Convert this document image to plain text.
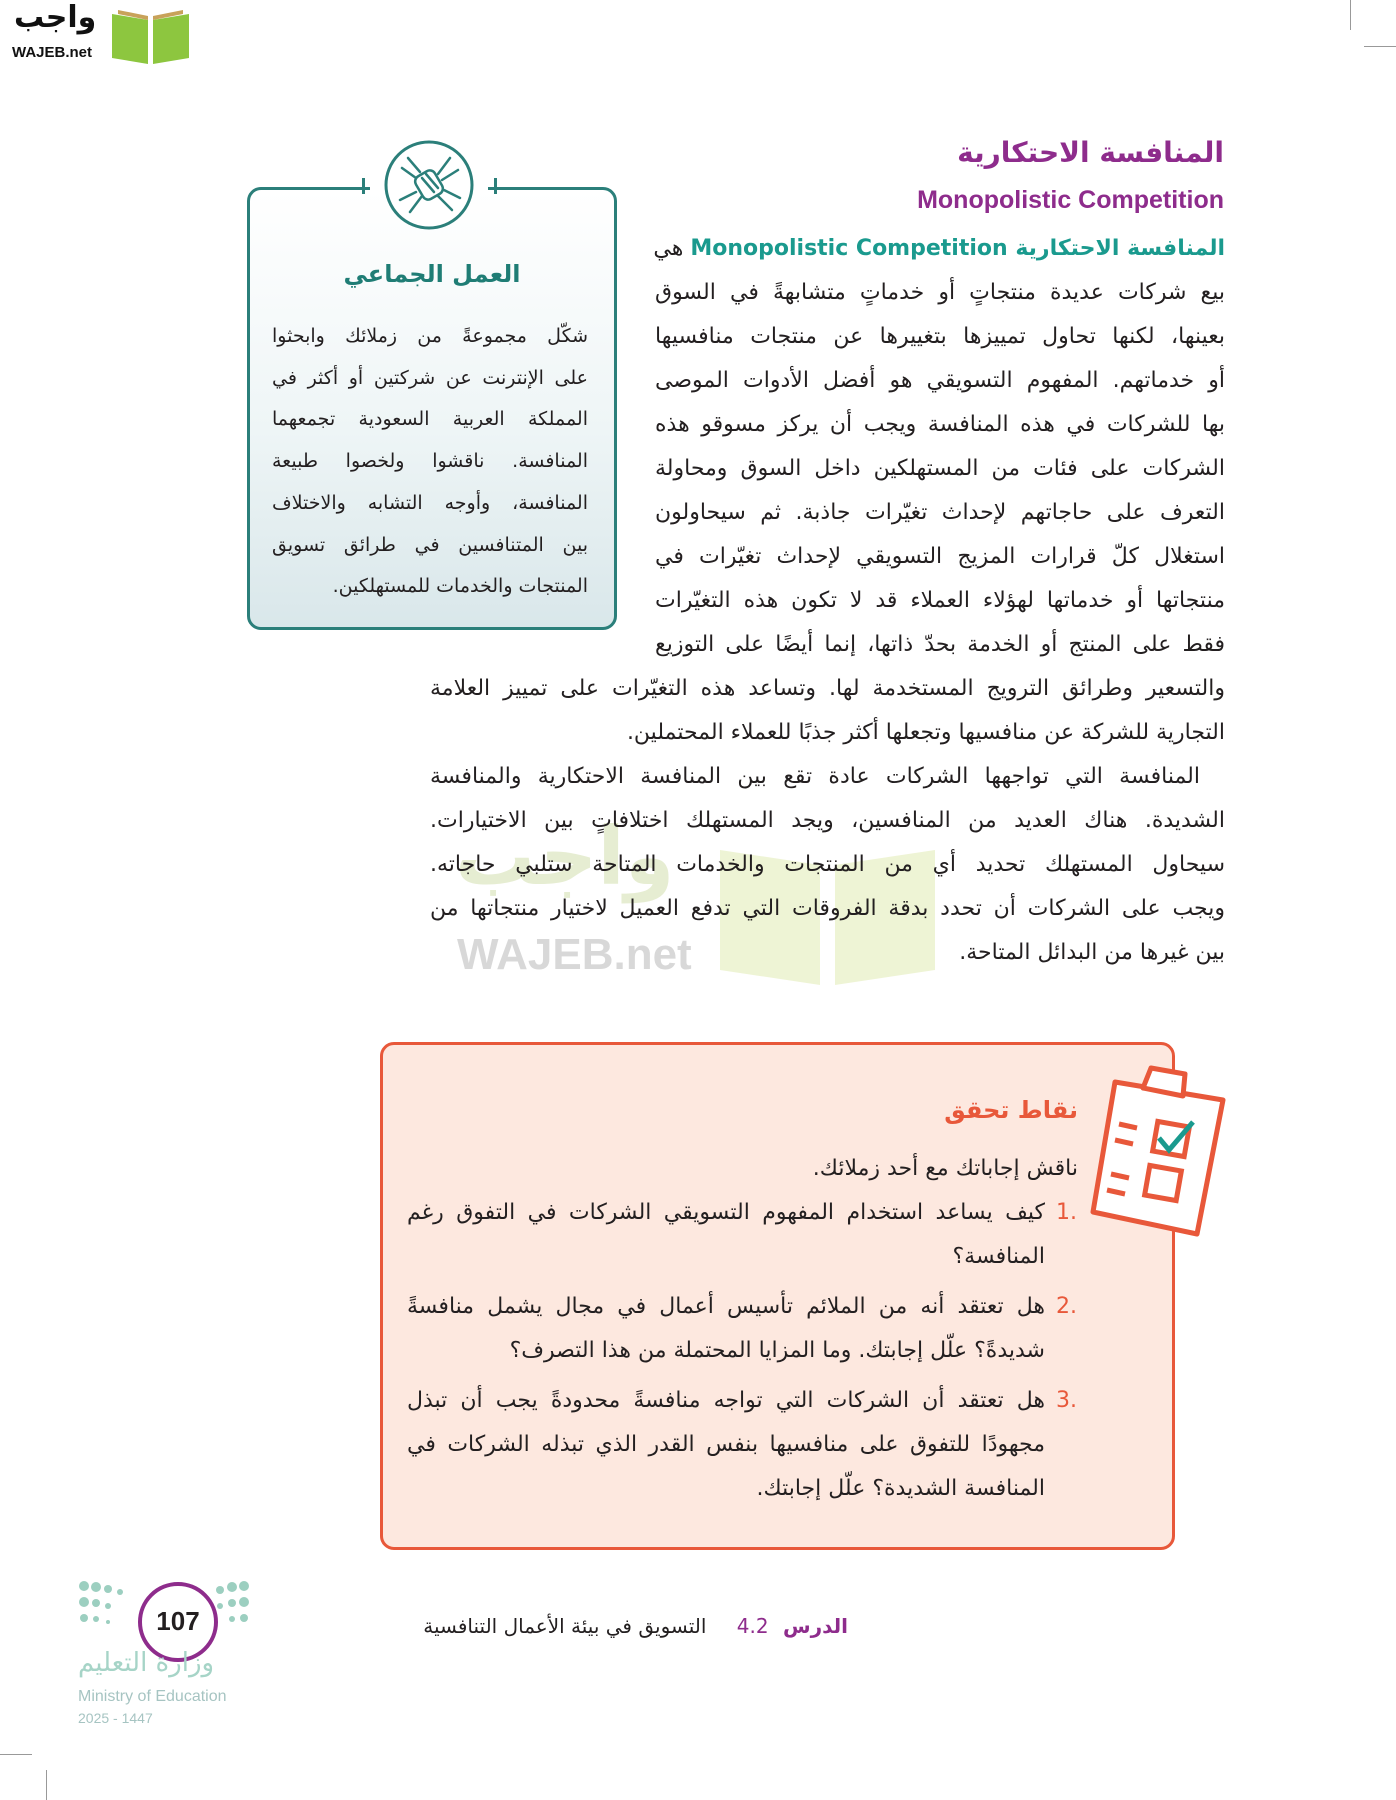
واجب
WAJEB.net
واجب
WAJEB.net
المنافسة الاحتكارية
Monopolistic Competition
المنافسة الاحتكارية Monopolistic Competition هي
بيع شركات عديدة منتجاتٍ أو خدماتٍ متشابهةً في السوق
بعينها، لكنها تحاول تمييزها بتغييرها عن منتجات منافسيها
أو خدماتهم. المفهوم التسويقي هو أفضل الأدوات الموصى
بها للشركات في هذه المنافسة ويجب أن يركز مسوقو هذه
الشركات على فئات من المستهلكين داخل السوق ومحاولة
التعرف على حاجاتهم لإحداث تغيّرات جاذبة. ثم سيحاولون
استغلال كلّ قرارات المزيج التسويقي لإحداث تغيّرات في
منتجاتها أو خدماتها لهؤلاء العملاء قد لا تكون هذه التغيّرات
فقط على المنتج أو الخدمة بحدّ ذاتها، إنما أيضًا على التوزيع
والتسعير وطرائق الترويج المستخدمة لها. وتساعد هذه التغيّرات على تمييز العلامة
التجارية للشركة عن منافسيها وتجعلها أكثر جذبًا للعملاء المحتملين.
المنافسة التي تواجهها الشركات عادة تقع بين المنافسة الاحتكارية والمنافسة
الشديدة. هناك العديد من المنافسين، ويجد المستهلك اختلافاتٍ بين الاختيارات.
سيحاول المستهلك تحديد أي من المنتجات والخدمات المتاحة ستلبي حاجاته.
ويجب على الشركات أن تحدد بدقة الفروقات التي تدفع العميل لاختيار منتجاتها من
بين غيرها من البدائل المتاحة.
العمل الجماعي
شكّل مجموعةً من زملائك وابحثوا
على الإنترنت عن شركتين أو أكثر في
المملكة العربية السعودية تجمعهما
المنافسة. ناقشوا ولخصوا طبيعة
المنافسة، وأوجه التشابه والاختلاف
بين المتنافسين في طرائق تسويق
المنتجات والخدمات للمستهلكين.
نقاط تحقق
ناقش إجاباتك مع أحد زملائك.
1.
كيف يساعد استخدام المفهوم التسويقي الشركات في التفوق رغم
المنافسة؟
2.
هل تعتقد أنه من الملائم تأسيس أعمال في مجال يشمل منافسةً
شديدةً؟ علّل إجابتك. وما المزايا المحتملة من هذا التصرف؟
3.
هل تعتقد أن الشركات التي تواجه منافسةً محدودةً يجب أن تبذل
مجهودًا للتفوق على منافسيها بنفس القدر الذي تبذله الشركات في
المنافسة الشديدة؟ علّل إجابتك.
107
وزارة التعليم
Ministry of Education
2025 - 1447
الدرس 4.2 التسويق في بيئة الأعمال التنافسية
